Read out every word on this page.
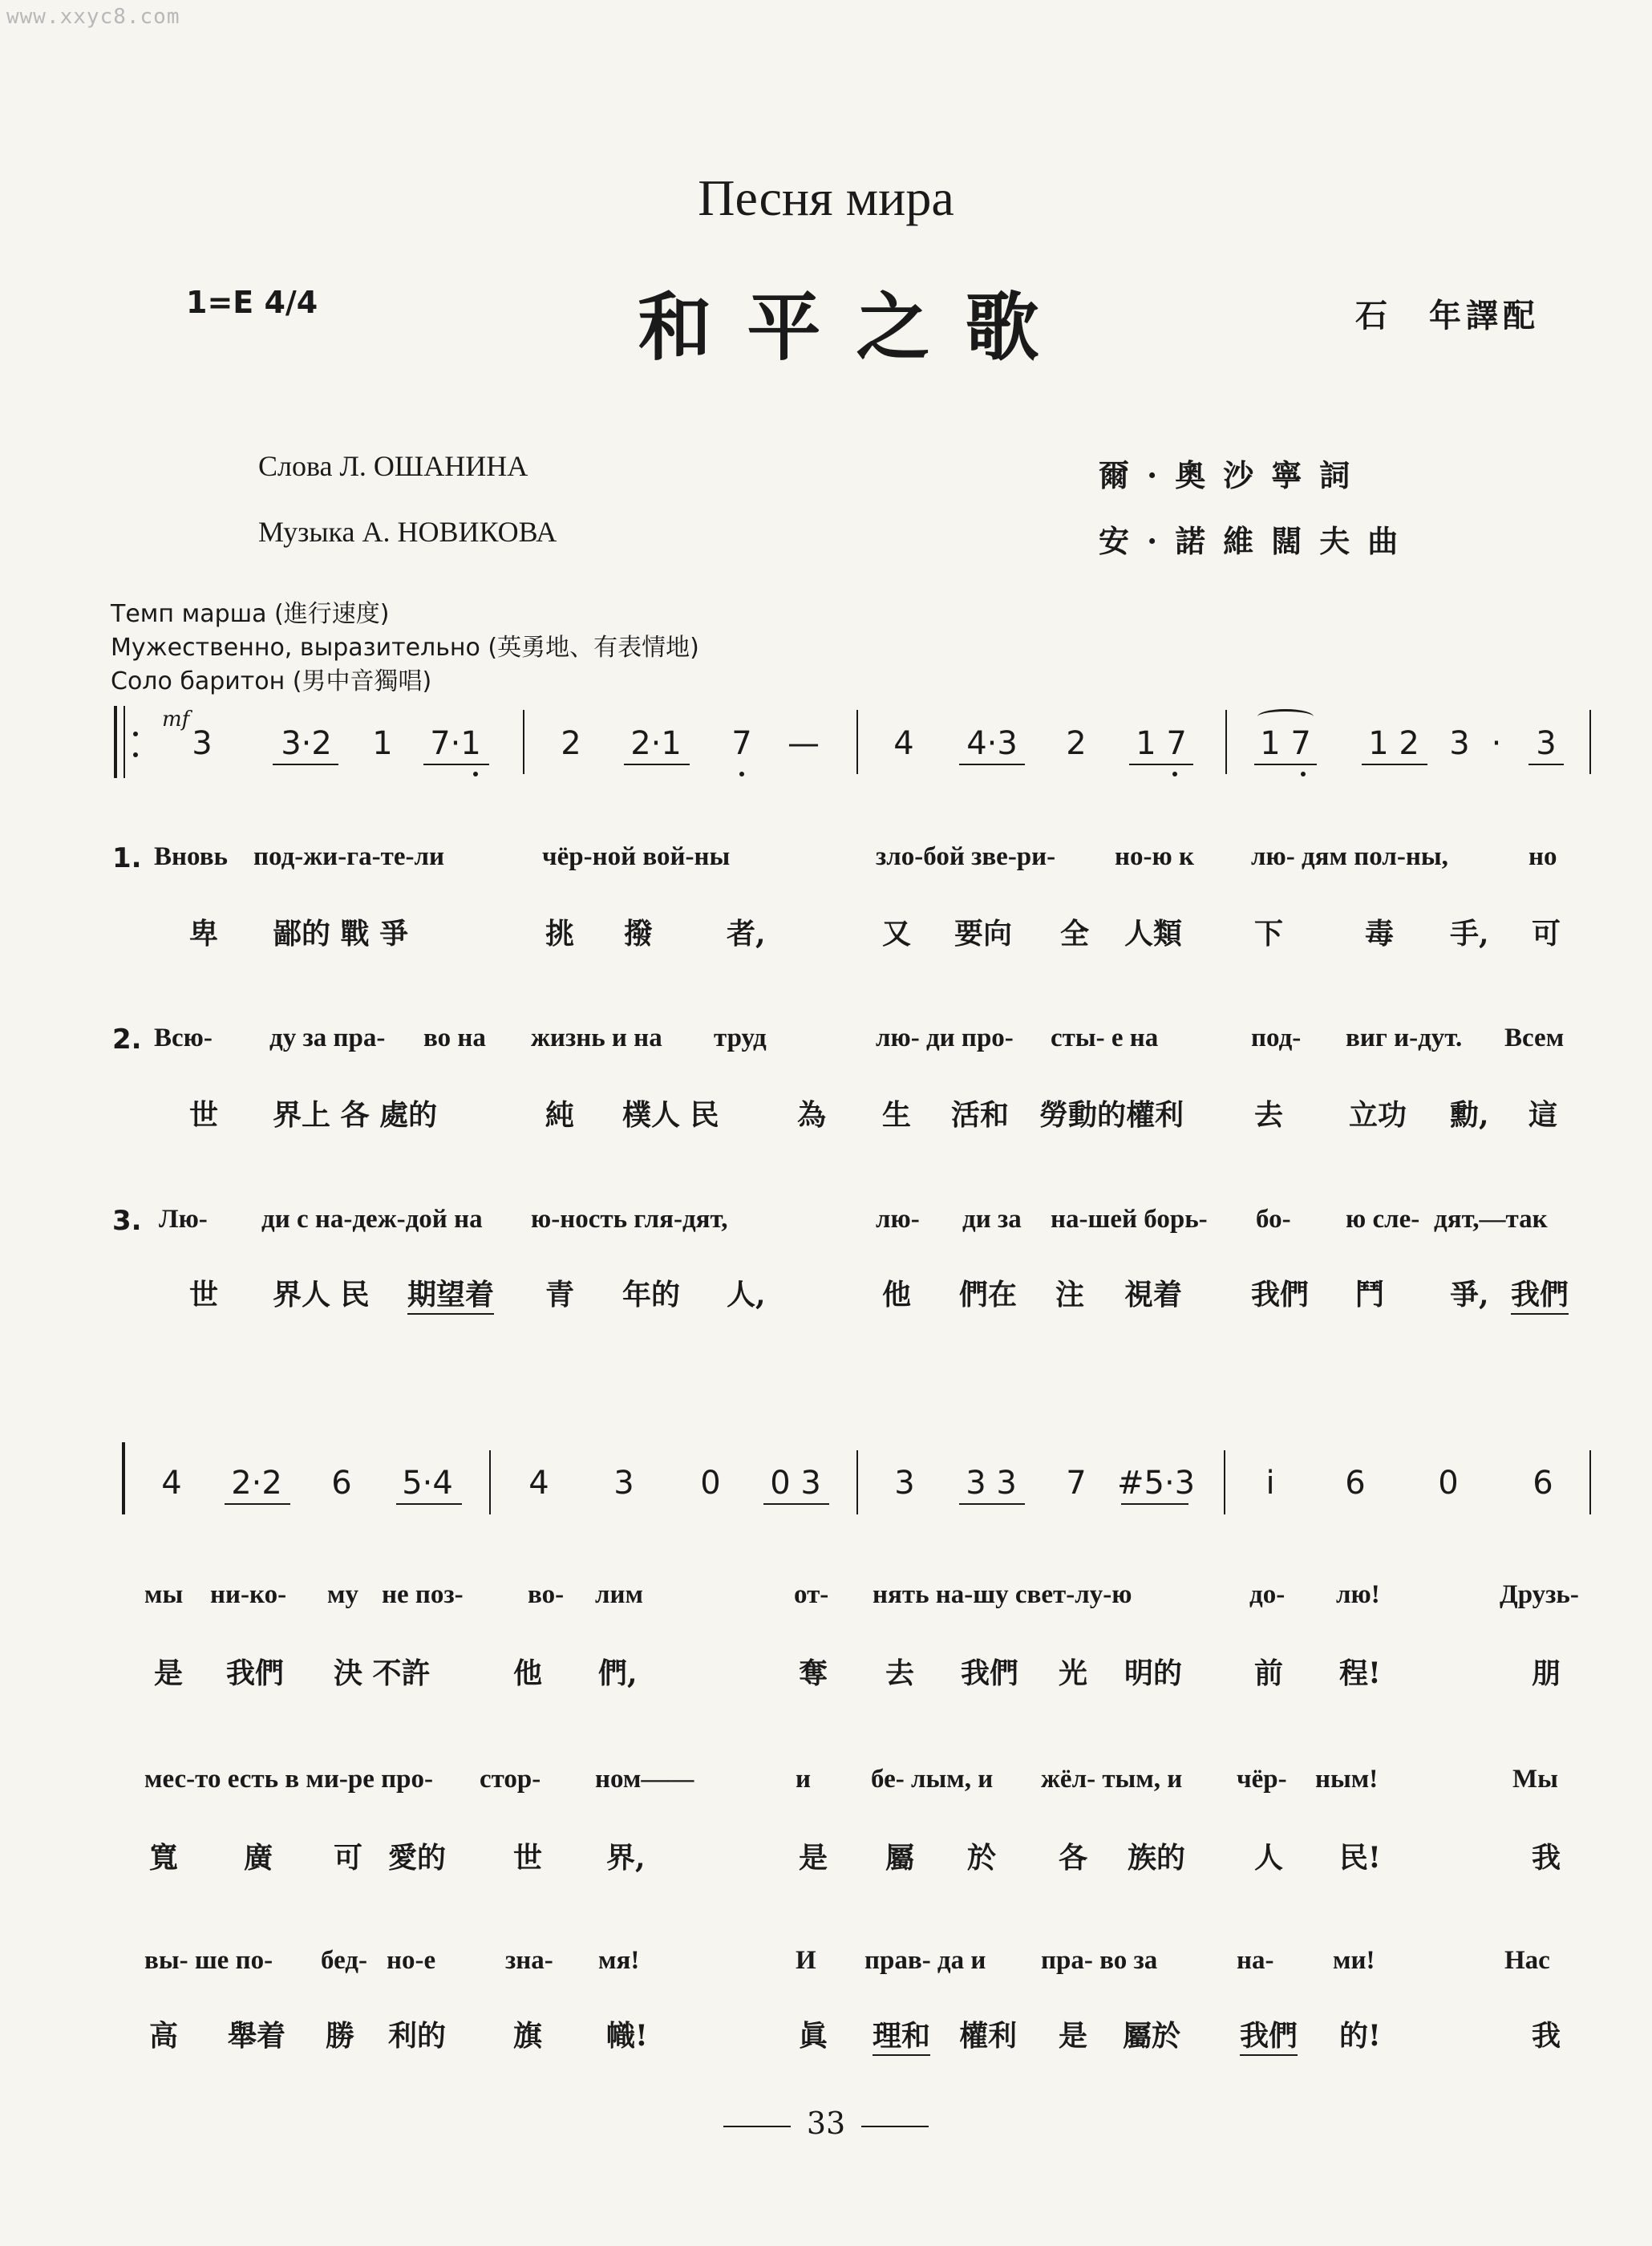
www.xxyc8.com
Песня мира
和平之歌
1=E 4/4	石　年譯配
Слова Л. ОШАНИНА
Музыка А. НОВИКОВА
爾·奧沙寧詞
安·諾維闊夫曲
Темп марша (進行速度)
Мужественно, выразительно (英勇地、有表情地)
Соло баритон (男中音獨唱)
mf
3	3·2	1	7·1	2	2·1	7	—	4	4·3	2	1 7	1 7	1 2 3 ·	3
1. Вновь под-жи-га-те-ли	чёр-ной вой-ны	зло-бой зве-ри- но-ю к лю- дям пол-ны,	но
卑 鄙的 戰 爭	挑 撥	者,	又 要向 全 人類 下	毒 手, 可
2. Всю- ду за пра- во на жизнь и на труд	лю- ди про- сты- е на	под- виг и-дут. Всем
世 界上 各 處的	純 樸人 民	為 生 活和 勞動的權利 去 立功 勳, 這
3. Лю- ди с на-деж-дой на ю-ность гля-дят,	лю- ди за на-шей борь- бо- ю сле- дят,—так
世 界人 民 期望着 青 年的 人,	他 們在 注 視着 我們 鬥 爭, 我們
4	2·2	6	5·4	4	3	0	0 3	3	3 3	7 #5·3	i	6	0	6
мы ни-ко- му не поз- во- лим	от- нять на-шу свет-лу-ю	до- лю!	Друзь-
是 我們 決 不許	他 們,	奪 去 我們 光 明的 前 程!	朋
мес-то есть в ми-ре про- стор- ном——	и бе- лым, и жёл- тым, и чёр- ным!	Мы
寬 廣 可 愛的 世 界,	是 屬 於 各 族的 人 民!	我
вы- ше по- бед- но-е	зна- мя!	И прав- да и пра- во за	на- ми!	Нас
高 舉着 勝 利的 旗 幟!	眞 理和 權利 是 屬於 我們 的!	我
33
